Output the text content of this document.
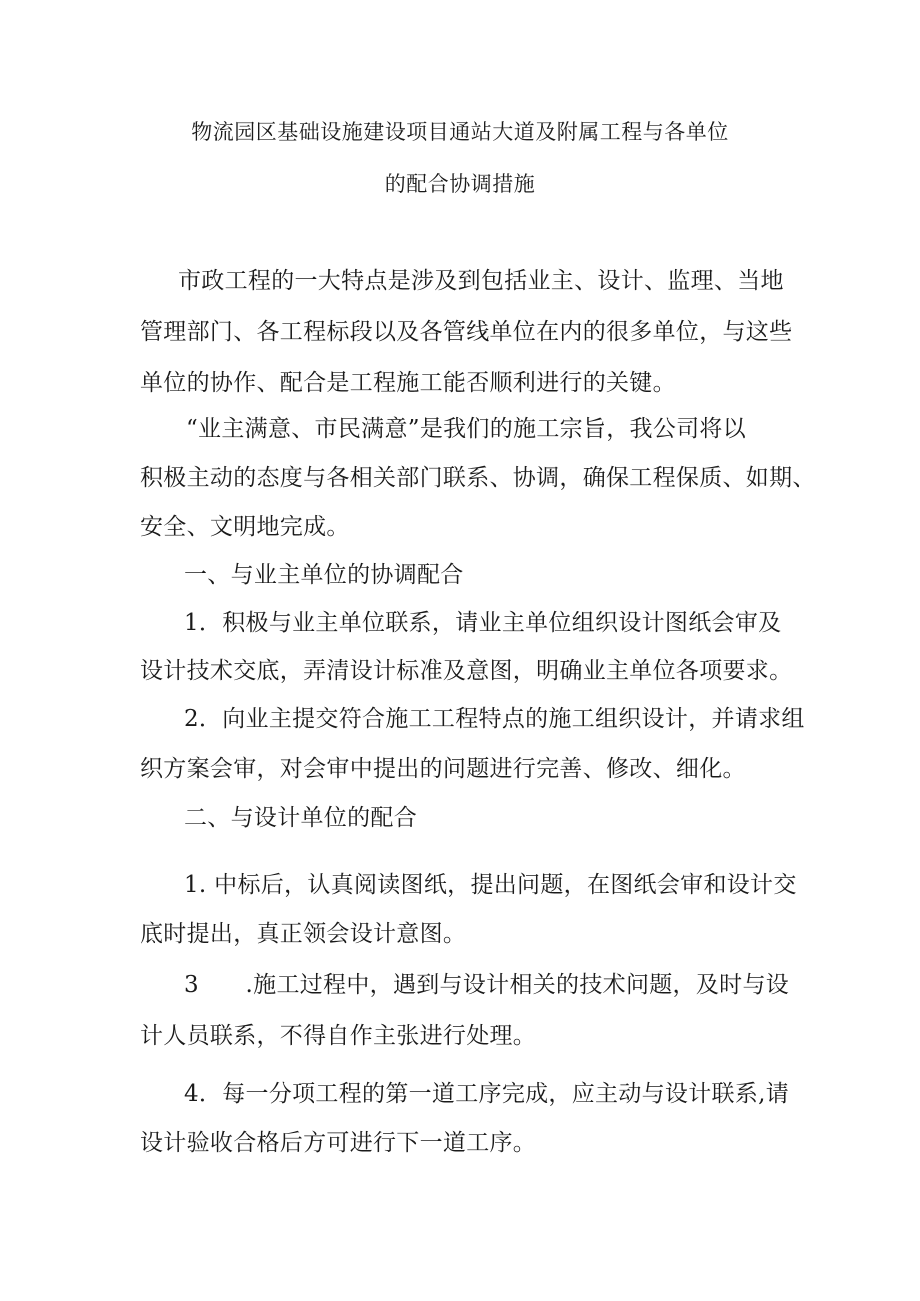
物流园区基础设施建设项目通站大道及附属工程与各单位
的配合协调措施
市政工程的一大特点是涉及到包括业主、设计、监理、当地
管理部门、各工程标段以及各管线单位在内的很多单位，与这些
单位的协作、配合是工程施工能否顺利进行的关键。
“业主满意、市民满意”是我们的施工宗旨，我公司将以
积极主动的态度与各相关部门联系、协调，确保工程保质、如期、
安全、文明地完成。
一、与业主单位的协调配合
1．积极与业主单位联系，请业主单位组织设计图纸会审及
设计技术交底，弄清设计标准及意图，明确业主单位各项要求。
2．向业主提交符合施工工程特点的施工组织设计，并请求组
织方案会审，对会审中提出的问题进行完善、修改、细化。
二、与设计单位的配合
1. 中标后，认真阅读图纸，提出问题，在图纸会审和设计交
底时提出，真正领会设计意图。
3　　.施工过程中，遇到与设计相关的技术问题，及时与设
计人员联系，不得自作主张进行处理。
4．每一分项工程的第一道工序完成，应主动与设计联系,请
设计验收合格后方可进行下一道工序。
